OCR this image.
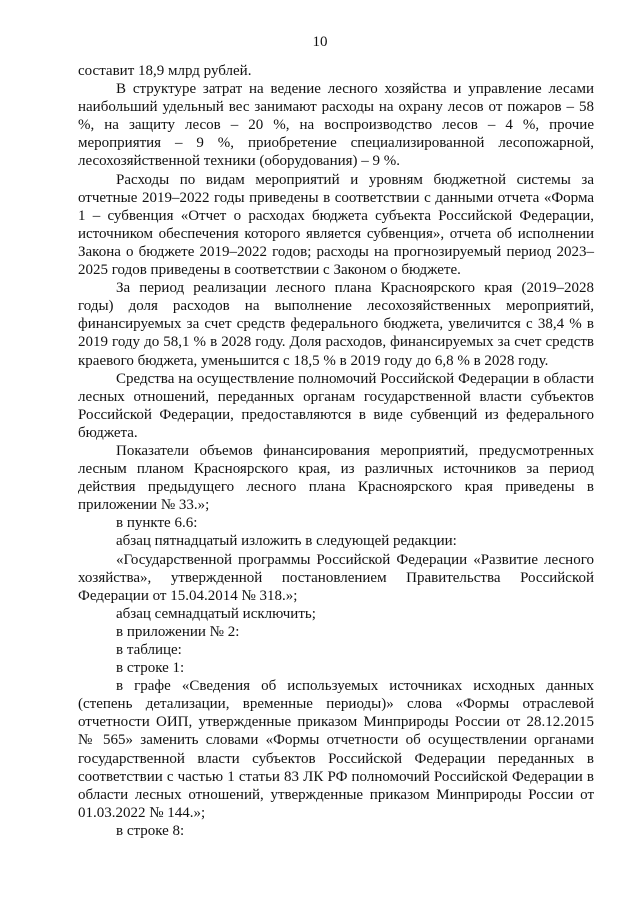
10

составит 18,9 млрд рублей.

В структуре затрат на ведение лесного хозяйства и управление лесами наибольший удельный вес занимают расходы на охрану лесов от пожаров – 58 %, на защиту лесов – 20 %, на воспроизводство лесов – 4 %, прочие мероприятия – 9 %, приобретение специализированной лесопожарной, лесохозяйственной техники (оборудования) – 9 %.

Расходы по видам мероприятий и уровням бюджетной системы за отчетные 2019–2022 годы приведены в соответствии с данными отчета «Форма 1 – субвенция «Отчет о расходах бюджета субъекта Российской Федерации, источником обеспечения которого является субвенция», отчета об исполнении Закона о бюджете 2019–2022 годов; расходы на прогнозируемый период 2023–2025 годов приведены в соответствии с Законом о бюджете.

За период реализации лесного плана Красноярского края (2019–2028 годы) доля расходов на выполнение лесохозяйственных мероприятий, финансируемых за счет средств федерального бюджета, увеличится с 38,4 % в 2019 году до 58,1 % в 2028 году. Доля расходов, финансируемых за счет средств краевого бюджета, уменьшится с 18,5 % в 2019 году до 6,8 % в 2028 году.

Средства на осуществление полномочий Российской Федерации в области лесных отношений, переданных органам государственной власти субъектов Российской Федерации, предоставляются в виде субвенций из федерального бюджета.

Показатели объемов финансирования мероприятий, предусмотренных лесным планом Красноярского края, из различных источников за период действия предыдущего лесного плана Красноярского края приведены в приложении № 33.»;

в пункте 6.6:

абзац пятнадцатый изложить в следующей редакции:

«Государственной программы Российской Федерации «Развитие лесного хозяйства», утвержденной постановлением Правительства Российской Федерации от 15.04.2014 № 318.»;

абзац семнадцатый исключить;

в приложении № 2:

в таблице:

в строке 1:

в графе «Сведения об используемых источниках исходных данных (степень детализации, временные периоды)» слова «Формы отраслевой отчетности ОИП, утвержденные приказом Минприроды России от 28.12.2015 № 565» заменить словами «Формы отчетности об осуществлении органами государственной власти субъектов Российской Федерации переданных в соответствии с частью 1 статьи 83 ЛК РФ полномочий Российской Федерации в области лесных отношений, утвержденные приказом Минприроды России от 01.03.2022 № 144.»;

в строке 8:
